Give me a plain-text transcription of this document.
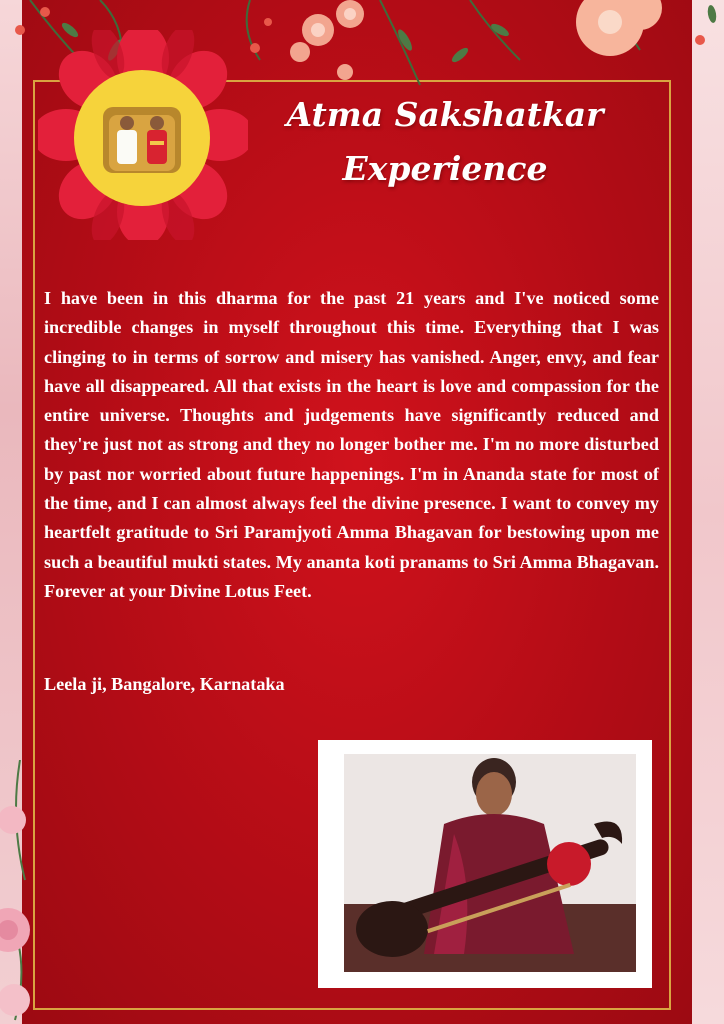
Atma Sakshatkar
Experience
I have been in this dharma for the past 21 years and I've noticed some incredible changes in myself throughout this time. Everything that I was clinging to in terms of sorrow and misery has vanished. Anger, envy, and fear have all disappeared. All that exists in the heart is love and compassion for the entire universe. Thoughts and judgements have significantly reduced and they're just not as strong and they no longer bother me. I'm no more disturbed by past nor worried about future happenings. I'm in Ananda state for most of the time, and I can almost always feel the divine presence. I want to convey my heartfelt gratitude to Sri Paramjyoti Amma Bhagavan for bestowing upon me such a beautiful mukti states. My ananta koti pranams to Sri Amma Bhagavan. Forever at your Divine Lotus Feet.
Leela ji, Bangalore, Karnataka
